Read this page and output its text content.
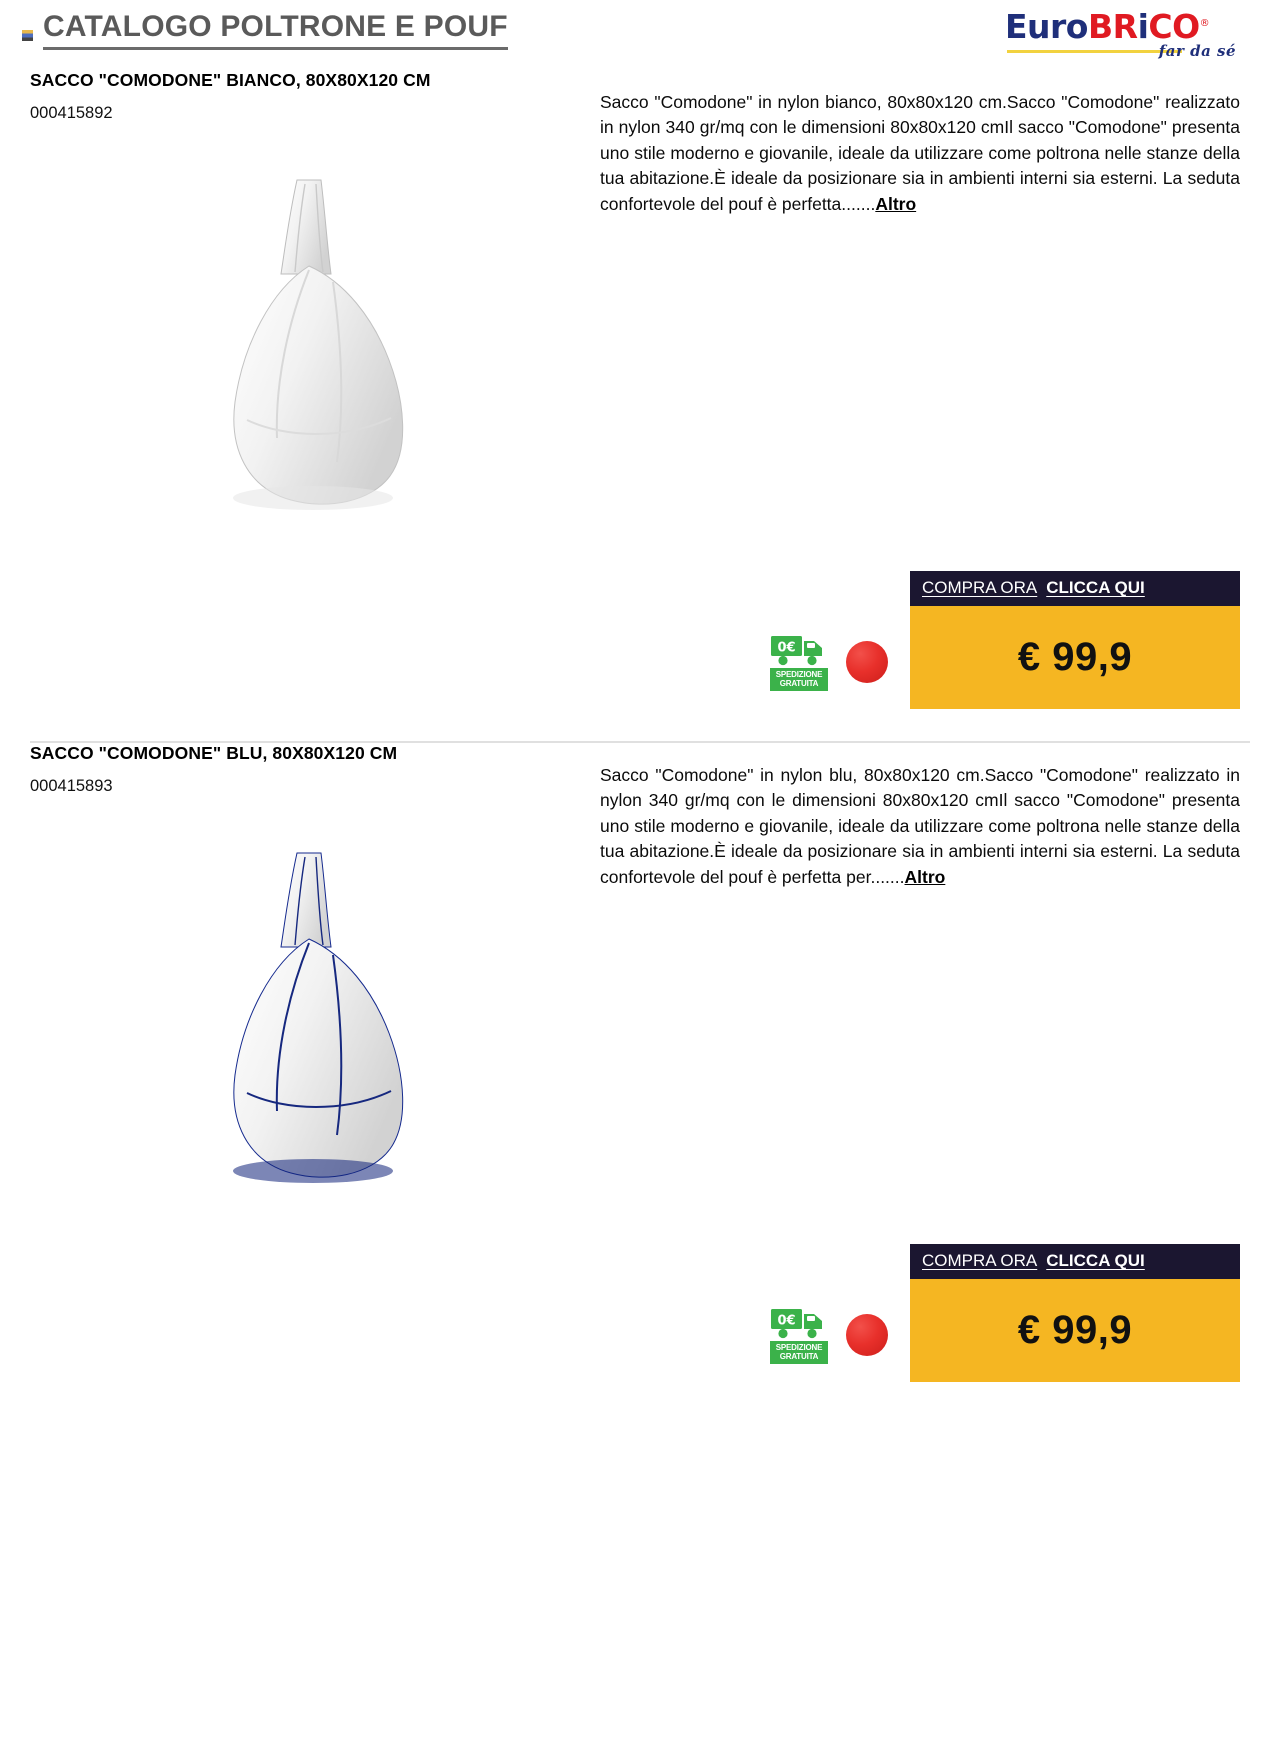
CATALOGO POLTRONE E POUF	EuroBRiCO®
far da sé
SACCO "COMODONE" BIANCO, 80X80X120 CM
000415892
Sacco "Comodone" in nylon bianco, 80x80x120 cm.Sacco "Comodone" realizzato in nylon 340 gr/mq con le dimensioni 80x80x120 cmIl sacco "Comodone" presenta uno stile moderno e giovanile, ideale da utilizzare come poltrona nelle stanze della tua abitazione.È ideale da posizionare sia in ambienti interni sia esterni. La seduta confortevole del pouf è perfetta.......Altro
0€
SPEDIZIONE
GRATUITA
COMPRA ORA CLICCA QUI
€ 99,9
SACCO "COMODONE" BLU, 80X80X120 CM
000415893
Sacco "Comodone" in nylon blu, 80x80x120 cm.Sacco "Comodone" realizzato in nylon 340 gr/mq con le dimensioni 80x80x120 cmIl sacco "Comodone" presenta uno stile moderno e giovanile, ideale da utilizzare come poltrona nelle stanze della tua abitazione.È ideale da posizionare sia in ambienti interni sia esterni. La seduta confortevole del pouf è perfetta per.......Altro
0€
SPEDIZIONE
GRATUITA
COMPRA ORA CLICCA QUI
€ 99,9
